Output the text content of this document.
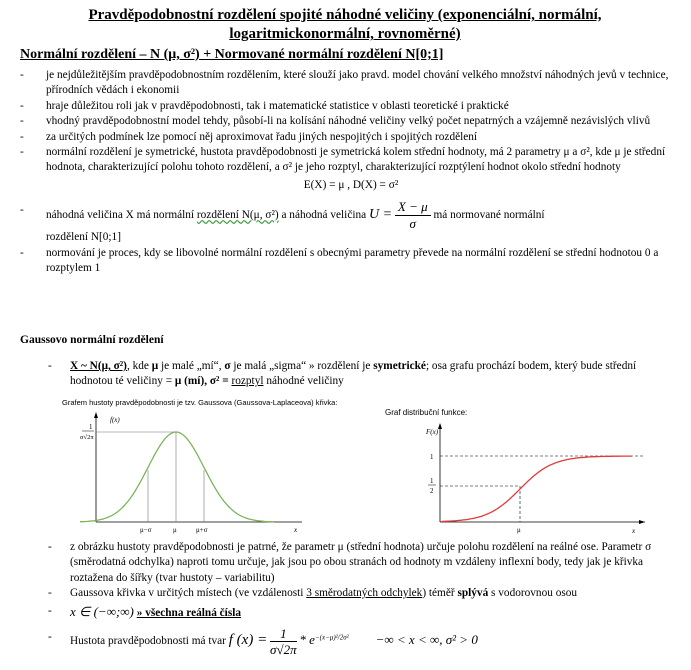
Pravděpodobnostní rozdělení spojité náhodné veličiny (exponenciální, normální,
logaritmickonormální, rovnoměrné)
Normální rozdělení – N (μ, σ²) + Normované normální rozdělení N[0;1]
- je nejdůležitějším pravděpodobnostním rozdělením, které slouží jako pravd. model chování velkého množství náhodných jevů v technice, přírodních vědách i ekonomii
- hraje důležitou roli jak v pravděpodobnosti, tak i matematické statistice v oblasti teoretické i praktické
- vhodný pravděpodobnostní model tehdy, působí-li na kolísání náhodné veličiny velký počet nepatrných a vzájemně nezávislých vlivů
- za určitých podmínek lze pomocí něj aproximovat řadu jiných nespojitých i spojitých rozdělení
- normální rozdělení je symetrické, hustota pravděpodobnosti je symetrická kolem střední hodnoty, má 2 parametry μ a σ², kde μ je střední hodnota, charakterizující polohu tohoto rozdělení, a σ² je jeho rozptyl, charakterizující rozptýlení hodnot okolo střední hodnoty
E(X) = μ , D(X) = σ²
- náhodná veličina X má normální rozdělení N(μ, σ²) a náhodná veličina $U = \frac{X - \mu}{\sigma}$ má normované normální
rozdělení N[0;1]
- normování je proces, kdy se libovolné normální rozdělení s obecnými parametry převede na normální rozdělení se střední hodnotou 0 a rozptylem 1
Gaussovo normální rozdělení
- X ~ N(μ, σ²), kde μ je malé „mí“, σ je malá „sigma“ » rozdělení je symetrické; osa grafu prochází bodem, který bude střední hodnotou té veličiny = μ (mí), σ² = rozptyl náhodné veličiny
Grafem hustoty pravděpodobnosti je tzv. Gaussova (Gaussova-Laplaceova) křivka:
Graf distribuční funkce:
f(x)
1
σ√2π
μ−σ	μ	μ+σ	x
F(x)
1
1
2
μ	x
- z obrázku hustoty pravděpodobnosti je patrné, že parametr μ (střední hodnota) určuje polohu rozdělení na reálné ose. Parametr σ (směrodatná odchylka) naproti tomu určuje, jak jsou po obou stranách od hodnoty m vzdáleny inflexní body, tedy jak je křivka roztažena do šířky (tvar hustoty – variabilitu)
- Gaussova křivka v určitých místech (ve vzdálenosti 3 směrodatných odchylek) téměř splývá s vodorovnou osou
- x ∈ (−∞;∞) » všechna reálná čísla
- Hustota pravděpodobnosti má tvar f $(x) = \frac{1}{\sigma√2\pi} * e^{-(x-\mu)^2/2\sigma^2}$ −∞ < x < ∞, σ² > 0
